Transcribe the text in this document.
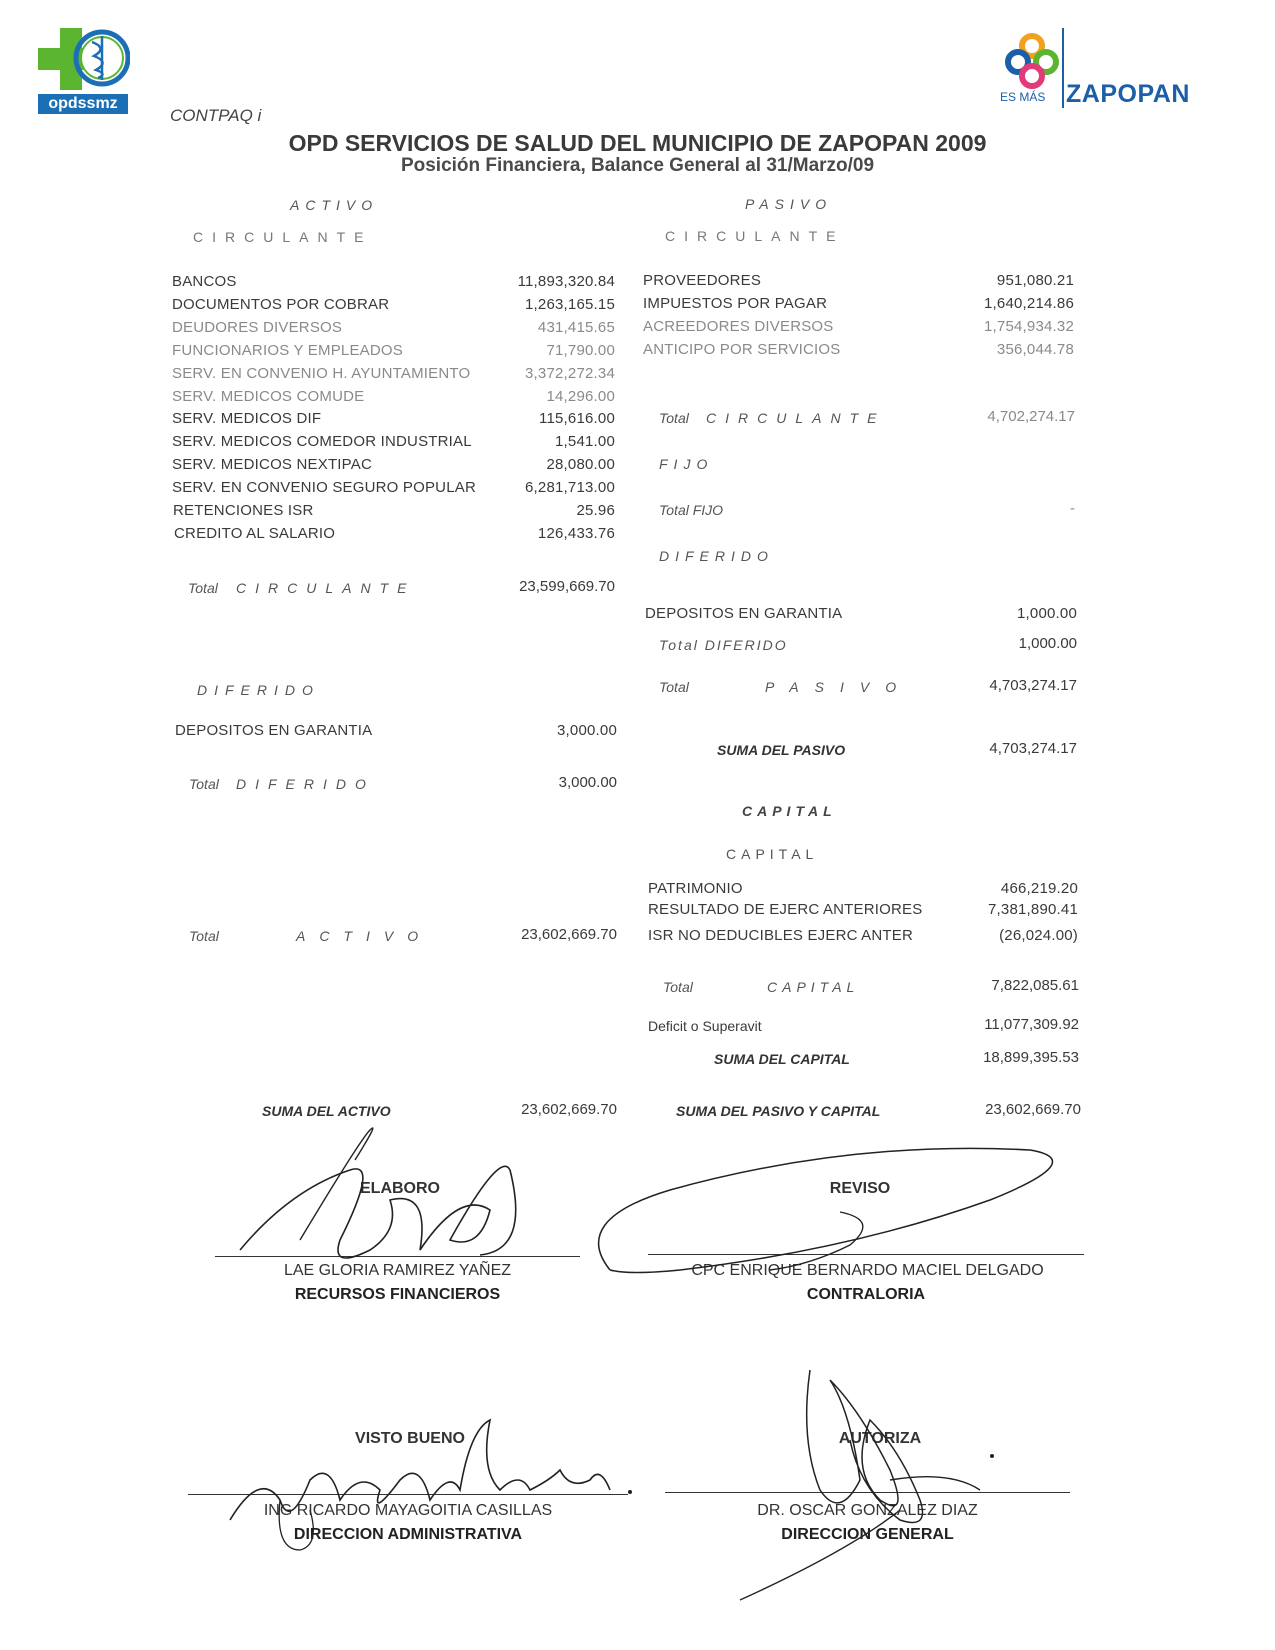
opdssmz	ES MÁS ZAPOPAN
CONTPAQ i
OPD SERVICIOS DE SALUD DEL MUNICIPIO DE ZAPOPAN 2009
Posición Financiera, Balance General al 31/Marzo/09
ACTIVO
CIRCULANTE
BANCOS	11,893,320.84
DOCUMENTOS POR COBRAR	1,263,165.15
DEUDORES DIVERSOS	431,415.65
FUNCIONARIOS Y EMPLEADOS	71,790.00
SERV. EN CONVENIO H. AYUNTAMIENTO	3,372,272.34
SERV. MEDICOS COMUDE	14,296.00
SERV. MEDICOS DIF	115,616.00
SERV. MEDICOS COMEDOR INDUSTRIAL	1,541.00
SERV. MEDICOS NEXTIPAC	28,080.00
SERV. EN CONVENIO SEGURO POPULAR	6,281,713.00
RETENCIONES ISR	25.96
CREDITO AL SALARIO	126,433.76
Total CIRCULANTE	23,599,669.70
DIFERIDO
DEPOSITOS EN GARANTIA	3,000.00
Total DIFERIDO	3,000.00
Total	ACTIVO	23,602,669.70
SUMA DEL ACTIVO	23,602,669.70
PASIVO
CIRCULANTE
PROVEEDORES	951,080.21
IMPUESTOS POR PAGAR	1,640,214.86
ACREEDORES DIVERSOS	1,754,934.32
ANTICIPO POR SERVICIOS	356,044.78
Total CIRCULANTE	4,702,274.17
FIJO
Total FIJO	-
DIFERIDO
DEPOSITOS EN GARANTIA	1,000.00
Total DIFERIDO	1,000.00
Total	PASIVO	4,703,274.17
SUMA DEL PASIVO	4,703,274.17
CAPITAL
CAPITAL
PATRIMONIO	466,219.20
RESULTADO DE EJERC ANTERIORES	7,381,890.41
ISR NO DEDUCIBLES EJERC ANTER	(26,024.00)
Total	CAPITAL	7,822,085.61
Deficit o Superavit	11,077,309.92
SUMA DEL CAPITAL	18,899,395.53
SUMA DEL PASIVO Y CAPITAL	23,602,669.70
ELABORO
LAE GLORIA RAMIREZ YAÑEZ
RECURSOS FINANCIEROS
REVISO
CPC ENRIQUE BERNARDO MACIEL DELGADO
CONTRALORIA
VISTO BUENO
ING RICARDO MAYAGOITIA CASILLAS
DIRECCION ADMINISTRATIVA
AUTORIZA
DR. OSCAR GONZALEZ DIAZ
DIRECCION GENERAL
